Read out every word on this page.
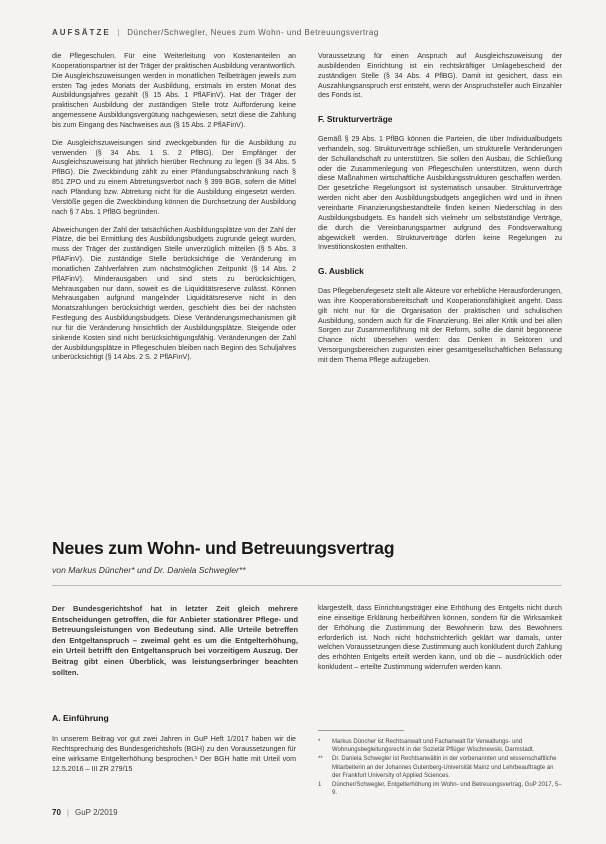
AUFSÄTZE | Düncher/Schwegler, Neues zum Wohn- und Betreuungsvertrag

die Pflegeschulen. Für eine Weiterleitung von Kostenanteilen an Kooperationspartner ist der Träger der praktischen Ausbildung verantwortlich. Die Ausgleichszuweisungen werden in monatlichen Teilbeträgen jeweils zum ersten Tag jedes Monats der Ausbildung, erstmals im ersten Monat des Ausbildungsjahres gezahlt (§ 15 Abs. 1 PflAFinV). Hat der Träger der praktischen Ausbildung der zuständigen Stelle trotz Aufforderung keine angemessene Ausbildungsvergütung nachgewiesen, setzt diese die Zahlung bis zum Eingang des Nachweises aus (§ 15 Abs. 2 PflAFinV).

Die Ausgleichszuweisungen sind zweckgebunden für die Ausbildung zu verwenden (§ 34 Abs. 1 S. 2 PflBG). Der Empfänger der Ausgleichszuweisung hat jährlich hierüber Rechnung zu legen (§ 34 Abs. 5 PflBG). Die Zweckbindung zählt zu einer Pfändungsabschränkung nach § 851 ZPO und zu einem Abtretungsverbot nach § 399 BGB, sofern die Mittel nach Pfändung bzw. Abtretung nicht für die Ausbildung eingesetzt werden. Verstöße gegen die Zweckbindung können die Durchsetzung der Ausbildung nach § 7 Abs. 1 PflBG begründen.

Abweichungen der Zahl der tatsächlichen Ausbildungsplätze von der Zahl der Plätze, die bei Ermittlung des Ausbildungsbudgets zugrunde gelegt wurden, muss der Träger der zuständigen Stelle unverzüglich mitteilen (§ 5 Abs. 3 PflAFinV). Die zuständige Stelle berücksichtige die Veränderung im monatlichen Zahlverfahren zum nächstmöglichen Zeitpunkt (§ 14 Abs. 2 PflAFinV). Minderausgaben und sind stets zu berücksichtigen, Mehrausgaben nur dann, soweit es die Liquiditätsreserve zulässt. Können Mehrausgaben aufgrund mangelnder Liquiditätsreserve nicht in den Monatszahlungen berücksichtigt werden, geschieht dies bei der nächsten Festlegung des Ausbildungsbudgets. Diese Veränderungsmechanismen gilt nur für die Veränderung hinsichtlich der Ausbildungsplätze. Steigende oder sinkende Kosten sind nicht berücksichtigungsfähig. Veränderungen der Zahl der Ausbildungsplätze in Pflegeschulen bleiben nach Beginn des Schuljahres unberücksichtigt (§ 14 Abs. 2 S. 2 PflAFinV).

Voraussetzung für einen Anspruch auf Ausgleichszuweisung der ausbildenden Einrichtung ist ein rechtskräftiger Umlagebescheid der zuständigen Stelle (§ 34 Abs. 4 PflBG). Damit ist gesichert, dass ein Auszahlungsanspruch erst entsteht, wenn der Anspruchsteller auch Einzahler des Fonds ist.

F. Strukturverträge

Gemäß § 29 Abs. 1 PflBG können die Parteien, die über Individualbudgets verhandeln, sog. Strukturverträge schließen, um strukturelle Veränderungen der Schullandschaft zu unterstützen. Sie sollen den Ausbau, die Schließung oder die Zusammenlegung von Pflegeschulen unterstützen, wenn durch diese Maßnahmen wirtschaftliche Ausbildungsstrukturen geschaffen werden. Der gesetzliche Regelungsort ist systematisch unsauber. Strukturverträge werden nicht aber den Ausbildungsbudgets angeglichen wird und in ihnen vereinbarte Finanzierungsbestandteile finden keinen Niederschlag in den Ausbildungsbudgets. Es handelt sich vielmehr um selbstständige Verträge, die durch die Vereinbarungspartner aufgrund des Fondsverwaltung abgewickelt werden. Strukturverträge dürfen keine Regelungen zu Investitionskosten enthalten.

G. Ausblick

Das Pflegeberufegesetz stellt alle Akteure vor erhebliche Herausforderungen, was ihre Kooperationsbereitschaft und Kooperationsfähigkeit angeht. Dass gilt nicht nur für die Organisation der praktischen und schulischen Ausbildung, sondern auch für die Finanzierung. Bei aller Kritik und bei allen Sorgen zur Zusammenführung mit der Reform, sollte die damit begonnene Chance nicht übersehen werden: das Denken in Sektoren und Versorgungsbereichen zugunsten einer gesamtgesellschaftlichen Befassung mit dem Thema Pflege aufzugeben.

Neues zum Wohn- und Betreuungsvertrag
von Markus Düncher* und Dr. Daniela Schwegler**
Der Bundesgerichtshof hat in letzter Zeit gleich mehrere Entscheidungen getroffen, die für Anbieter stationärer Pflege- und Betreuungsleistungen von Bedeutung sind. Alle Urteile betreffen den Entgeltanspruch – zweimal geht es um die Entgelterhöhung, ein Urteil betrifft den Entgeltanspruch bei vorzeitigem Auszug. Der Beitrag gibt einen Überblick, was leistungserbringer beachten sollten.
A. Einführung

In unserem Beitrag vor gut zwei Jahren in GuP Heft 1/2017 haben wir die Rechtsprechung des Bundesgerichtshofs (BGH) zu den Voraussetzungen für eine wirksame Entgelterhöhung besprochen.¹ Der BGH hatte mit Urteil vom 12.5.2016 – III ZR 279/15

klargestellt, dass Einrichtungsträger eine Erhöhung des Entgelts nicht durch eine einseitige Erklärung herbeiführen können, sondern für die Wirksamkeit der Erhöhung die Zustimmung der Bewohnerin bzw. des Bewohners erforderlich ist. Noch nicht höchstrichterlich geklärt war damals, unter welchen Voraussetzungen diese Zustimmung auch konkludent durch Zahlung des erhöhten Entgelts erteilt werden kann, und ob die – ausdrücklich oder konkludent – erteilte Zustimmung widerrufen werden kann.

*	Markus Düncher ist Rechtsanwalt und Fachanwalt für Verwaltungs- und Wohnungsbegleitungsrecht in der Sozietät Pflüger Wischnewski, Darmstadt.
**	Dr. Daniela Schwegler ist Rechtsanwältin in der vorbenannten und wissenschaftliche Mitarbeiterin an der Johannes Gutenberg-Universität Mainz und Lehrbeauftragte an der Frankfurt University of Applied Sciences.
1	Düncher/Schwegler, Entgelterhöhung im Wohn- und Betreuungsvertrag, GuP 2017, 5–9.
70 | GuP 2/2019
